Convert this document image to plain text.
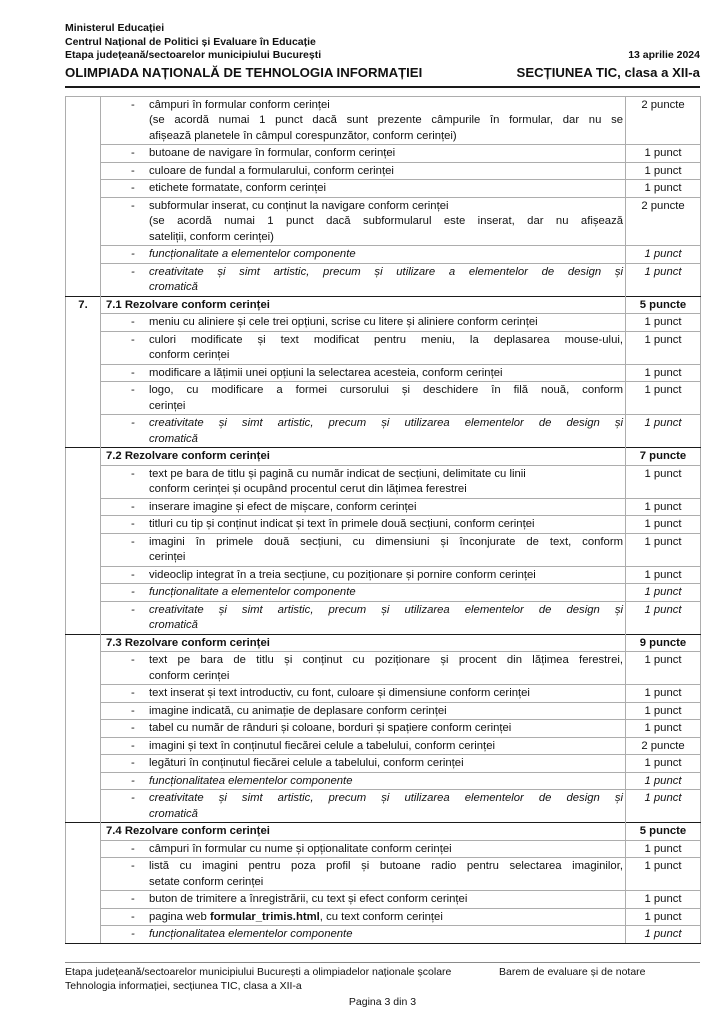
Ministerul Educației
Centrul Național de Politici și Evaluare în Educație
Etapa județeană/sectoarelor municipiului București	13 aprilie 2024
OLIMPIADA NAȚIONALĂ DE TEHNOLOGIA INFORMAȚIEI	SECȚIUNEA TIC, clasa a XII-a

	- câmpuri în formular conform cerinței
(se acordă numai 1 punct dacă sunt prezente câmpurile în formular, dar nu se
afișează planetele în câmpul corespunzător, conform cerinței)	2 puncte

	- butoane de navigare în formular, conform cerinței	1 punct

	- culoare de fundal a formularului, conform cerinței	1 punct

	- etichete formatate, conform cerinței	1 punct

	- subformular inserat, cu conținut la navigare conform cerinței
(se acordă numai 1 punct dacă subformularul este inserat, dar nu afișează
sateliții, conform cerinței)	2 puncte

	- funcționalitate a elementelor componente	1 punct

	- creativitate și simt artistic, precum și utilizare a elementelor de design și
cromatică	1 punct
7.	7.1 Rezolvare conform cerinței	5 puncte

	- meniu cu aliniere și cele trei opțiuni, scrise cu litere și aliniere conform cerinței	1 punct

	- culori modificate și text modificat pentru meniu, la deplasarea mouse-ului,
conform cerinței	1 punct

	- modificare a lățimii unei opțiuni la selectarea acesteia, conform cerinței	1 punct

	- logo, cu modificare a formei cursorului și deschidere în filă nouă, conform
cerinței	1 punct

	- creativitate și simt artistic, precum și utilizarea elementelor de design și
cromatică	1 punct

	7.2 Rezolvare conform cerinței	7 puncte

	- text pe bara de titlu și pagină cu număr indicat de secțiuni, delimitate cu linii
conform cerinței și ocupând procentul cerut din lățimea ferestrei	1 punct

	- inserare imagine și efect de mișcare, conform cerinței	1 punct

	- titluri cu tip și conținut indicat și text în primele două secțiuni, conform cerinței	1 punct

	- imagini în primele două secțiuni, cu dimensiuni și înconjurate de text, conform
cerinței	1 punct

	- videoclip integrat în a treia secțiune, cu poziționare și pornire conform cerinței	1 punct

	- funcționalitate a elementelor componente	1 punct

	- creativitate și simt artistic, precum și utilizarea elementelor de design și
cromatică	1 punct

	7.3 Rezolvare conform cerinței	9 puncte

	- text pe bara de titlu și conținut cu poziționare și procent din lățimea ferestrei,
conform cerinței	1 punct

	- text inserat și text introductiv, cu font, culoare și dimensiune conform cerinței	1 punct

	- imagine indicată, cu animație de deplasare conform cerinței	1 punct

	- tabel cu număr de rânduri și coloane, borduri și spațiere conform cerinței	1 punct

	- imagini și text în conținutul fiecărei celule a tabelului, conform cerinței	2 puncte

	- legături în conținutul fiecărei celule a tabelului, conform cerinței	1 punct

	- funcționalitatea elementelor componente	1 punct

	- creativitate și simt artistic, precum și utilizarea elementelor de design și
cromatică	1 punct

	7.4 Rezolvare conform cerinței	5 puncte

	- câmpuri în formular cu nume și opționalitate conform cerinței	1 punct

	- listă cu imagini pentru poza profil și butoane radio pentru selectarea imaginilor,
setate conform cerinței	1 punct

	- buton de trimitere a înregistrării, cu text și efect conform cerinței	1 punct

	- pagina web formular_trimis.html, cu text conform cerinței	1 punct

	- funcționalitatea elementelor componente	1 punct
Etapa județeană/sectoarelor municipiului București a olimpiadelor naționale școlare	Barem de evaluare și de notare
Tehnologia informației, secțiunea TIC, clasa a XII-a
Pagina 3 din 3
